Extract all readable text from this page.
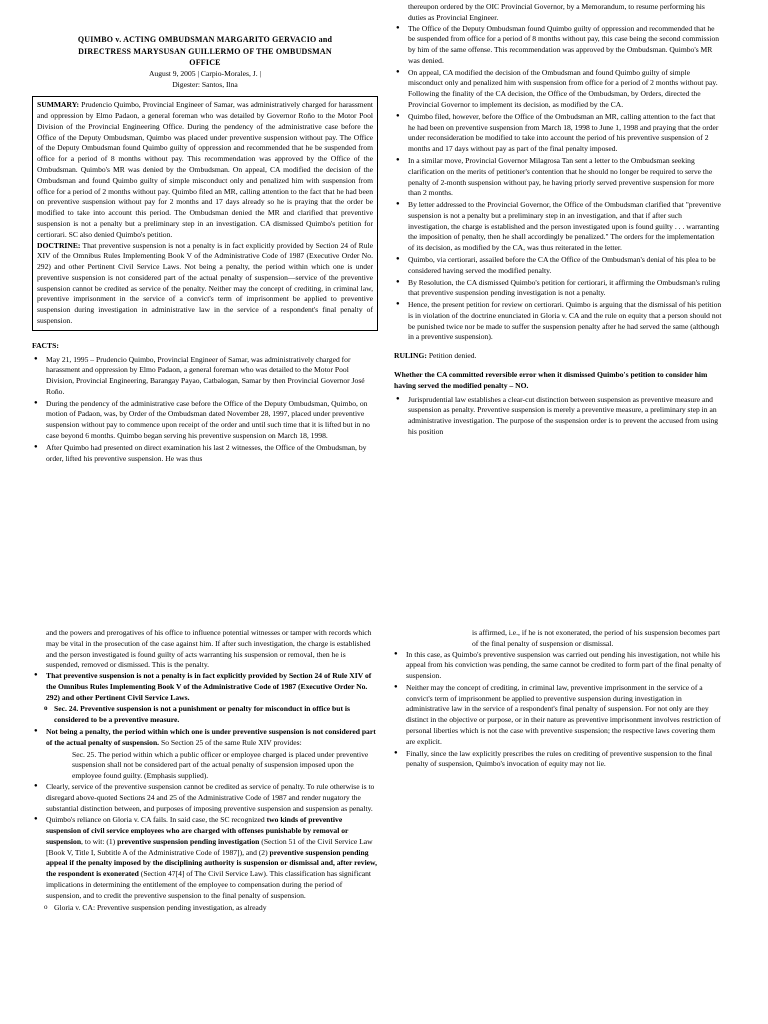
QUIMBO v. ACTING OMBUDSMAN MARGARITO GERVACIO and
DIRECTRESS MARYSUSAN GUILLERMO OF THE OMBUDSMAN
OFFICE
August 9, 2005 | Carpio-Morales, J. |
Digester: Santos, Ilna
SUMMARY: Prudencio Quimbo, Provincial Engineer of Samar, was administratively charged for harassment and oppression by Elmo Padaon, a general foreman who was detailed by Governor Roño to the Motor Pool Division of the Provincial Engineering Office. During the pendency of the administrative case before the Office of the Deputy Ombudsman, Quimbo was placed under preventive suspension without pay. The Office of the Deputy Ombudsman found Quimbo guilty of oppression and recommended that he be suspended from office for a period of 8 months without pay. This recommendation was approved by the Office of the Ombudsman. Quimbo's MR was denied by the Ombudsman. On appeal, CA modified the decision of the Ombudsman and found Quimbo guilty of simple misconduct only and penalized him with suspension from office for a period of 2 months without pay. Quimbo filed an MR, calling attention to the fact that he had been on preventive suspension without pay for 2 months and 17 days already so he is praying that the order be modified to take into account this period. The Ombudsman denied the MR and clarified that preventive suspension is not a penalty but a preliminary step in an investigation. CA dismissed Quimbo's petition for certiorari. SC also denied Quimbo's petition.
DOCTRINE: That preventive suspension is not a penalty is in fact explicitly provided by Section 24 of Rule XIV of the Omnibus Rules Implementing Book V of the Administrative Code of 1987 (Executive Order No. 292) and other Pertinent Civil Service Laws. Not being a penalty, the period within which one is under preventive suspension is not considered part of the actual penalty of suspension—service of the preventive suspension cannot be credited as service of the penalty. Neither may the concept of crediting, in criminal law, preventive imprisonment in the service of a convict's term of imprisonment be applied to preventive suspension during investigation in administrative law in the service of a respondent's final penalty of suspension.
FACTS:
● May 21, 1995 – Prudencio Quimbo, Provincial Engineer of Samar, was administratively charged for harassment and oppression by Elmo Padaon, a general foreman who was detailed to the Motor Pool Division, Provincial Engineering, Barangay Payao, Catbalogan, Samar by then Provincial Governor José Roño.
● During the pendency of the administrative case before the Office of the Deputy Ombudsman, Quimbo, on motion of Padaon, was, by Order of the Ombudsman dated November 28, 1997, placed under preventive suspension without pay to commence upon receipt of the order and until such time that it is lifted but in no case beyond 6 months. Quimbo began serving his preventive suspension on March 18, 1998.
● After Quimbo had presented on direct examination his last 2 witnesses, the Office of the Ombudsman, by order, lifted his preventive suspension. He was thus
thereupon ordered by the OIC Provincial Governor, by a Memorandum, to resume performing his duties as Provincial Engineer.
● The Office of the Deputy Ombudsman found Quimbo guilty of oppression and recommended that he be suspended from office for a period of 8 months without pay, this case being the second commission by him of the same offense. This recommendation was approved by the Ombudsman. Quimbo's MR was denied.
● On appeal, CA modified the decision of the Ombudsman and found Quimbo guilty of simple misconduct only and penalized him with suspension from office for a period of 2 months without pay. Following the finality of the CA decision, the Office of the Ombudsman, by Orders, directed the Provincial Governor to implement its decision, as modified by the CA.
● Quimbo filed, however, before the Office of the Ombudsman an MR, calling attention to the fact that he had been on preventive suspension from March 18, 1998 to June 1, 1998 and praying that the order under reconsideration be modified to take into account the period of his preventive suspension of 2 months and 17 days without pay as part of the final penalty imposed.
● In a similar move, Provincial Governor Milagrosa Tan sent a letter to the Ombudsman seeking clarification on the merits of petitioner's contention that he should no longer be required to serve the penalty of 2-month suspension without pay, he having priorly served preventive suspension for more than 2 months.
● By letter addressed to the Provincial Governor, the Office of the Ombudsman clarified that "preventive suspension is not a penalty but a preliminary step in an investigation, and that if after such investigation, the charge is established and the person investigated upon is found guilty . . . warranting the imposition of penalty, then he shall accordingly be penalized." The orders for the implementation of its decision, as modified by the CA, was thus reiterated in the letter.
● Quimbo, via certiorari, assailed before the CA the Office of the Ombudsman's denial of his plea to be considered having served the modified penalty.
● By Resolution, the CA dismissed Quimbo's petition for certiorari, it affirming the Ombudsman's ruling that preventive suspension pending investigation is not a penalty.
● Hence, the present petition for review on certiorari. Quimbo is arguing that the dismissal of his petition is in violation of the doctrine enunciated in Gloria v. CA and the rule on equity that a person should not be punished twice nor be made to suffer the suspension penalty after he had served the same (although in a preventive suspension).
RULING: Petition denied.
Whether the CA committed reversible error when it dismissed Quimbo's petition to consider him having served the modified penalty – NO.
● Jurisprudential law establishes a clear-cut distinction between suspension as preventive measure and suspension as penalty. Preventive suspension is merely a preventive measure, a preliminary step in an administrative investigation. The purpose of the suspension order is to prevent the accused from using his position
and the powers and prerogatives of his office to influence potential witnesses or tamper with records which may be vital in the prosecution of the case against him. If after such investigation, the charge is established and the person investigated is found guilty of acts warranting his suspension or removal, then he is suspended, removed or dismissed. This is the penalty.
● That preventive suspension is not a penalty is in fact explicitly provided by Section 24 of Rule XIV of the Omnibus Rules Implementing Book V of the Administrative Code of 1987 (Executive Order No. 292) and other Pertinent Civil Service Laws.
o Sec. 24. Preventive suspension is not a punishment or penalty for misconduct in office but is considered to be a preventive measure.
● Not being a penalty, the period within which one is under preventive suspension is not considered part of the actual penalty of suspension. So Section 25 of the same Rule XIV provides:
Sec. 25. The period within which a public officer or employee charged is placed under preventive suspension shall not be considered part of the actual penalty of suspension imposed upon the employee found guilty. (Emphasis supplied).
● Clearly, service of the preventive suspension cannot be credited as service of penalty. To rule otherwise is to disregard above-quoted Sections 24 and 25 of the Administrative Code of 1987 and render nugatory the substantial distinction between, and purposes of imposing preventive suspension and suspension as penalty.
● Quimbo's reliance on Gloria v. CA fails. In said case, the SC recognized two kinds of preventive suspension of civil service employees who are charged with offenses punishable by removal or suspension, to wit: (1) preventive suspension pending investigation (Section 51 of the Civil Service Law [Book V, Title I, Subtitle A of the Administrative Code of 1987]), and (2) preventive suspension pending appeal if the penalty imposed by the disciplining authority is suspension or dismissal and, after review, the respondent is exonerated (Section 47[4] of The Civil Service Law). This classification has significant implications in determining the entitlement of the employee to compensation during the period of suspension, and to credit the preventive suspension to the final penalty of suspension.
o Gloria v. CA: Preventive suspension pending investigation, as already
is affirmed, i.e., if he is not exonerated, the period of his suspension becomes part of the final penalty of suspension or dismissal.
● In this case, as Quimbo's preventive suspension was carried out pending his investigation, not while his appeal from his conviction was pending, the same cannot be credited to form part of the final penalty of suspension.
● Neither may the concept of crediting, in criminal law, preventive imprisonment in the service of a convict's term of imprisonment be applied to preventive suspension during investigation in administrative law in the service of a respondent's final penalty of suspension. For not only are they distinct in the objective or purpose, or in their nature as preventive imprisonment involves restriction of personal liberties which is not the case with preventive suspension; the respective laws covering them are explicit.
● Finally, since the law explicitly prescribes the rules on crediting of preventive suspension to the final penalty of suspension, Quimbo's invocation of equity may not lie.
